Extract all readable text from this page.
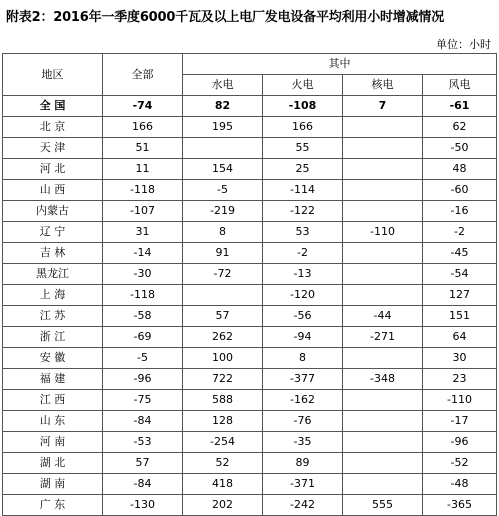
附表2：2016年一季度6000千瓦及以上电厂发电设备平均利用小时增减情况
单位：小时
地区	全部	其中			
		水电	火电	核电	风电
全 国	-74	82	-108	7	-61
北 京	166	195	166		62
天 津	51		55		-50
河 北	11	154	25		48
山 西	-118	-5	-114		-60
内蒙古	-107	-219	-122		-16
辽 宁	31	8	53	-110	-2
吉 林	-14	91	-2		-45
黑龙江	-30	-72	-13		-54
上 海	-118		-120		127
江 苏	-58	57	-56	-44	151
浙 江	-69	262	-94	-271	64
安 徽	-5	100	8		30
福 建	-96	722	-377	-348	23
江 西	-75	588	-162		-110
山 东	-84	128	-76		-17
河 南	-53	-254	-35		-96
湖 北	57	52	89		-52
湖 南	-84	418	-371		-48
广 东	-130	202	-242	555	-365
